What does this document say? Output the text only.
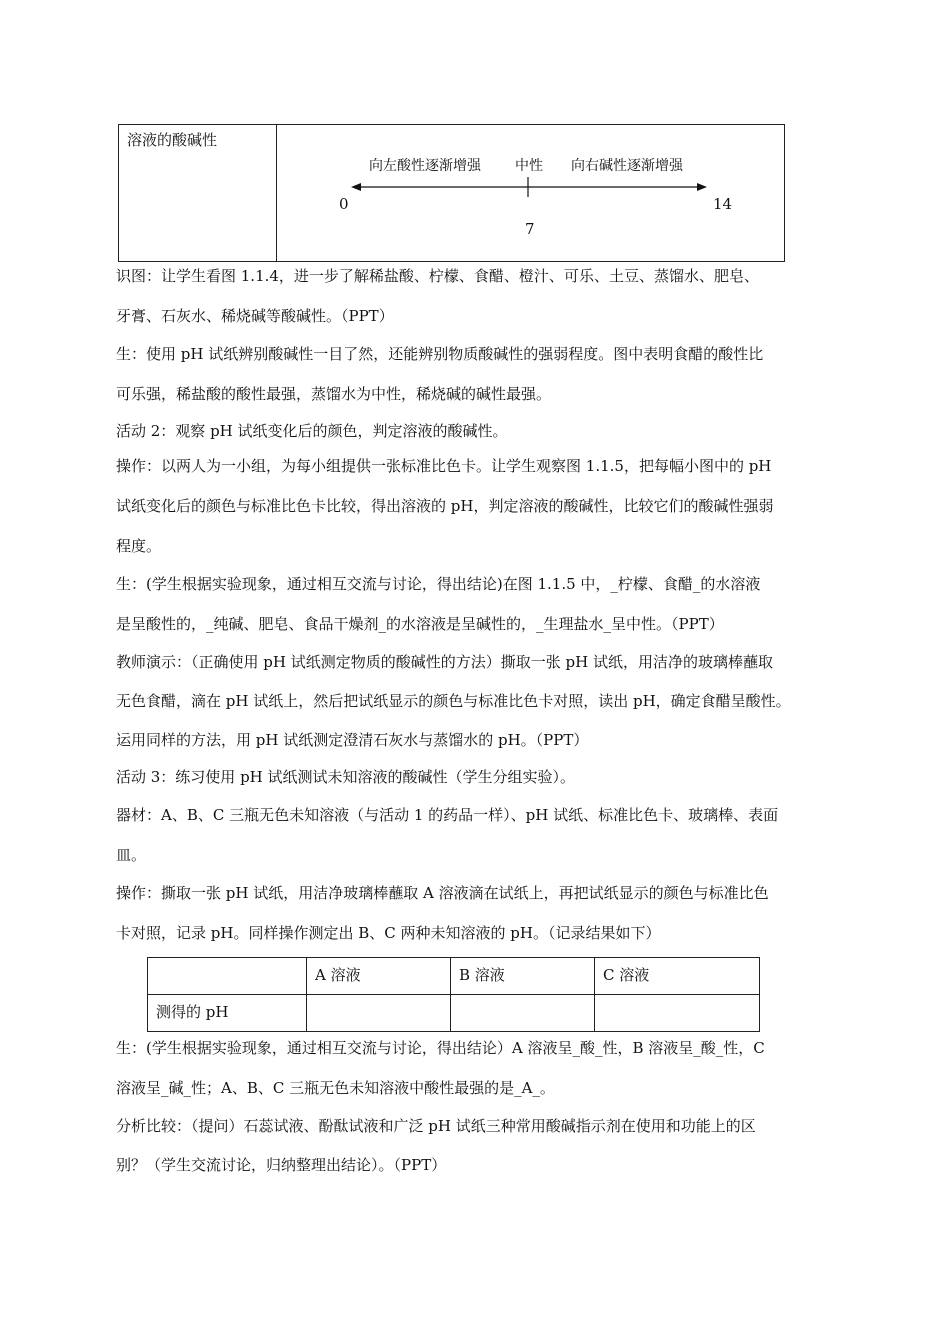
溶液的酸碱性	
向左酸性逐渐增强 中性 向右碱性逐渐增强
0	14
7
识图：让学生看图 1.1.4，进一步了解稀盐酸、柠檬、食醋、橙汁、可乐、土豆、蒸馏水、肥皂、
牙膏、石灰水、稀烧碱等酸碱性。（PPT）
生：使用 pH 试纸辨别酸碱性一目了然，还能辨别物质酸碱性的强弱程度。图中表明食醋的酸性比
可乐强，稀盐酸的酸性最强，蒸馏水为中性，稀烧碱的碱性最强。
活动 2：观察 pH 试纸变化后的颜色，判定溶液的酸碱性。
操作：以两人为一小组，为每小组提供一张标准比色卡。让学生观察图 1.1.5，把每幅小图中的 pH
试纸变化后的颜色与标准比色卡比较，得出溶液的 pH，判定溶液的酸碱性，比较它们的酸碱性强弱
程度。
生：(学生根据实验现象，通过相互交流与讨论，得出结论)在图 1.1.5 中，_柠檬、食醋_的水溶液
是呈酸性的，_纯碱、肥皂、食品干燥剂_的水溶液是呈碱性的，_生理盐水_呈中性。（PPT）
教师演示：（正确使用 pH 试纸测定物质的酸碱性的方法）撕取一张 pH 试纸，用洁净的玻璃棒蘸取
无色食醋，滴在 pH 试纸上，然后把试纸显示的颜色与标准比色卡对照，读出 pH，确定食醋呈酸性。
运用同样的方法，用 pH 试纸测定澄清石灰水与蒸馏水的 pH。（PPT）
活动 3：练习使用 pH 试纸测试未知溶液的酸碱性（学生分组实验）。
器材：A、B、C 三瓶无色未知溶液（与活动 1 的药品一样）、pH 试纸、标准比色卡、玻璃棒、表面
皿。
操作：撕取一张 pH 试纸，用洁净玻璃棒蘸取 A 溶液滴在试纸上，再把试纸显示的颜色与标准比色
卡对照，记录 pH。同样操作测定出 B、C 两种未知溶液的 pH。（记录结果如下）
	A 溶液	B 溶液	C 溶液
测得的 pH			
生：(学生根据实验现象，通过相互交流与讨论，得出结论）A 溶液呈_酸_性，B 溶液呈_酸_性，C
溶液呈_碱_性；A、B、C 三瓶无色未知溶液中酸性最强的是_A_。
分析比较：（提问）石蕊试液、酚酞试液和广泛 pH 试纸三种常用酸碱指示剂在使用和功能上的区
别？（学生交流讨论，归纳整理出结论）。（PPT）
